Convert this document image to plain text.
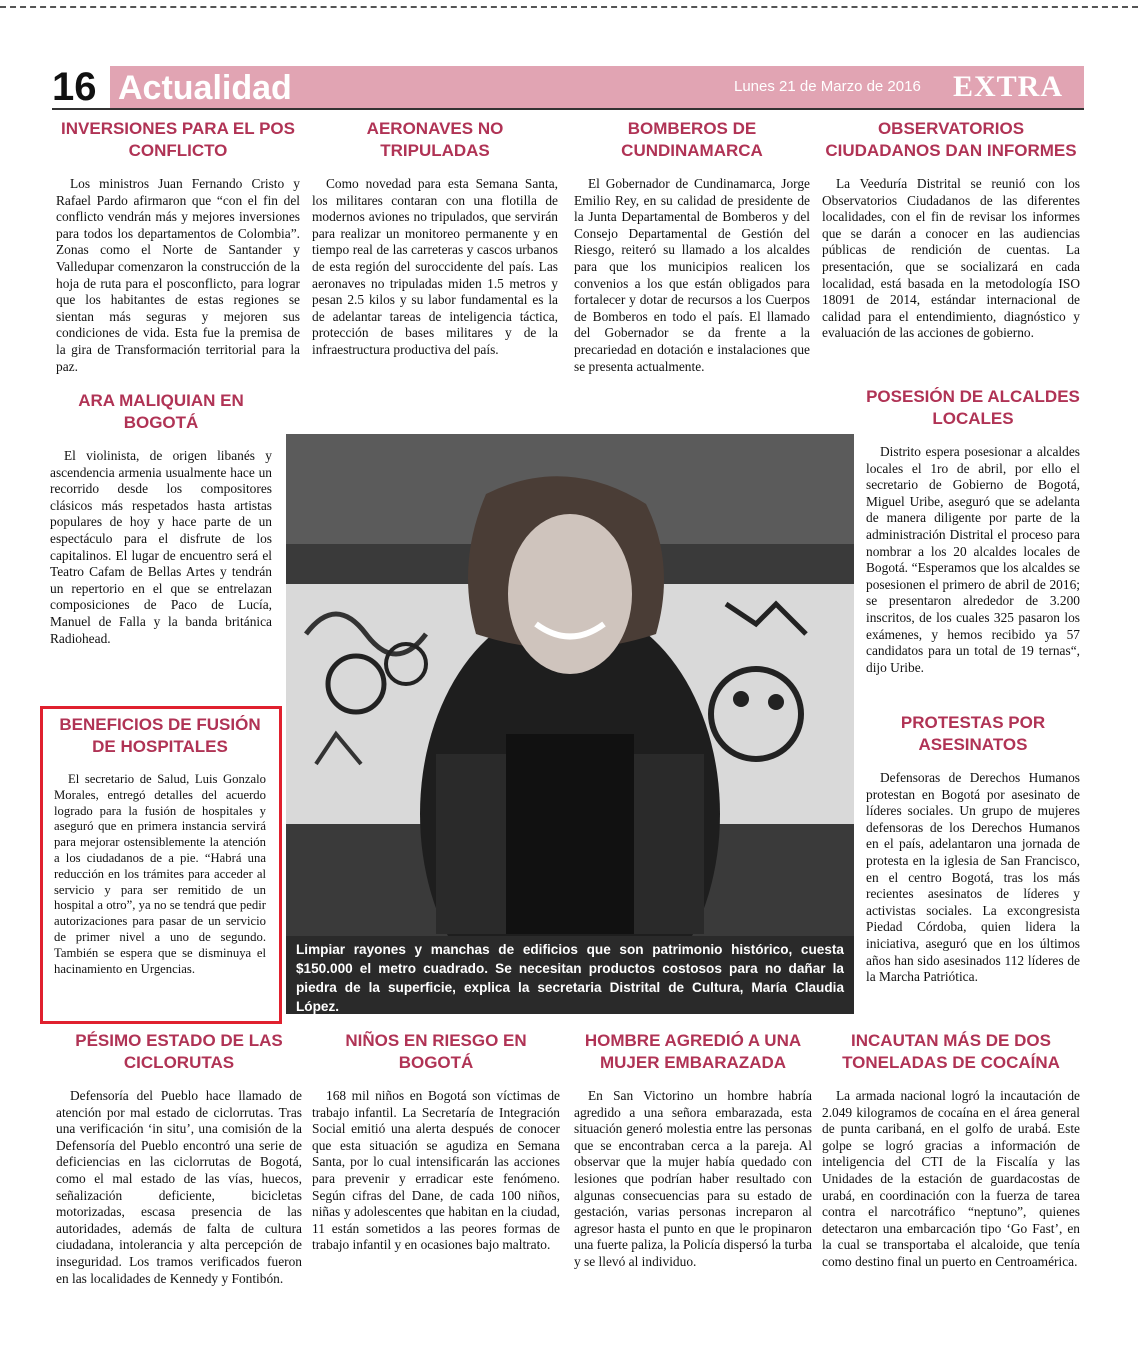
16 Actualidad	Lunes 21 de Marzo de 2016	EXTRA
INVERSIONES PARA EL POS CONFLICTO

Los ministros Juan Fernando Cristo y Rafael Pardo afirmaron que “con el fin del conflicto vendrán más y mejores inversiones para todos los departamentos de Colombia”. Zonas como el Norte de Santander y Valledupar comenzaron la construcción de la hoja de ruta para el posconflicto, para lograr que los habitantes de estas regiones se sientan más seguras y mejoren sus condiciones de vida. Esta fue la premisa de la gira de Transformación territorial para la paz.

AERONAVES NO TRIPULADAS

Como novedad para esta Semana Santa, los militares contaran con una flotilla de modernos aviones no tripulados, que servirán para realizar un monitoreo permanente y en tiempo real de las carreteras y cascos urbanos de esta región del suroccidente del país. Las aeronaves no tripuladas miden 1.5 metros y pesan 2.5 kilos y su labor fundamental es la de adelantar tareas de inteligencia táctica, protección de bases militares y de la infraestructura productiva del país.

BOMBEROS DE CUNDINAMARCA

El Gobernador de Cundinamarca, Jorge Emilio Rey, en su calidad de presidente de la Junta Departamental de Bomberos y del Consejo Departamental de Gestión del Riesgo, reiteró su llamado a los alcaldes para que los municipios realicen los convenios a los que están obligados para fortalecer y dotar de recursos a los Cuerpos de Bomberos en todo el país. El llamado del Gobernador se da frente a la precariedad en dotación e instalaciones que se presenta actualmente.

OBSERVATORIOS CIUDADANOS DAN INFORMES

La Veeduría Distrital se reunió con los Observatorios Ciudadanos de las diferentes localidades, con el fin de revisar los informes que se darán a conocer en las audiencias públicas de rendición de cuentas. La presentación, que se socializará en cada localidad, está basada en la metodología ISO 18091 de 2014, estándar internacional de calidad para el entendimiento, diagnóstico y evaluación de las acciones de gobierno.

ARA MALIQUIAN EN BOGOTÁ

El violinista, de origen libanés y ascendencia armenia usualmente hace un recorrido desde los compositores clásicos más respetados hasta artistas populares de hoy y hace parte de un espectáculo para el disfrute de los capitalinos. El lugar de encuentro será el Teatro Cafam de Bellas Artes y tendrán un repertorio en el que se entrelazan composiciones de Paco de Lucía, Manuel de Falla y la banda británica Radiohead.

POSESIÓN DE ALCALDES LOCALES

Distrito espera posesionar a alcaldes locales el 1ro de abril, por ello el secretario de Gobierno de Bogotá, Miguel Uribe, aseguró que se adelanta de manera diligente por parte de la administración Distrital el proceso para nombrar a los 20 alcaldes locales de Bogotá. “Esperamos que los alcaldes se posesionen el primero de abril de 2016; se presentaron alrededor de 3.200 inscritos, de los cuales 325 pasaron los exámenes, y hemos recibido ya 57 candidatos para un total de 19 ternas“, dijo Uribe.

BENEFICIOS DE FUSIÓN DE HOSPITALES

El secretario de Salud, Luis Gonzalo Morales, entregó detalles del acuerdo logrado para la fusión de hospitales y aseguró que en primera instancia servirá para mejorar ostensiblemente la atención a los ciudadanos de a pie. “Habrá una reducción en los trámites para acceder al servicio y para ser remitido de un hospital a otro”, ya no se tendrá que pedir autorizaciones para pasar de un servicio de primer nivel a uno de segundo. También se espera que se disminuya el hacinamiento en Urgencias.

PROTESTAS POR ASESINATOS

Defensoras de Derechos Humanos protestan en Bogotá por asesinato de líderes sociales. Un grupo de mujeres defensoras de los Derechos Humanos en el país, adelantaron una jornada de protesta en la iglesia de San Francisco, en el centro Bogotá, tras los más recientes asesinatos de líderes y activistas sociales. La excongresista Piedad Córdoba, quien lidera la iniciativa, aseguró que en los últimos años han sido asesinados 112 líderes de la Marcha Patriótica.

Limpiar rayones y manchas de edificios que son patrimonio histórico, cuesta $150.000 el metro cuadrado. Se necesitan productos costosos para no dañar la piedra de la superficie, explica la secretaria Distrital de Cultura, María Claudia López.
PÉSIMO ESTADO DE LAS CICLORUTAS

Defensoría del Pueblo hace llamado de atención por mal estado de ciclorrutas. Tras una verificación ‘in situ’, una comisión de la Defensoría del Pueblo encontró una serie de deficiencias en las ciclorrutas de Bogotá, como el mal estado de las vías, huecos, señalización deficiente, bicicletas motorizadas, escasa presencia de las autoridades, además de falta de cultura ciudadana, intolerancia y alta percepción de inseguridad. Los tramos verificados fueron en las localidades de Kennedy y Fontibón.

NIÑOS EN RIESGO EN BOGOTÁ

168 mil niños en Bogotá son víctimas de trabajo infantil. La Secretaría de Integración Social emitió una alerta después de conocer que esta situación se agudiza en Semana Santa, por lo cual intensificarán las acciones para prevenir y erradicar este fenómeno. Según cifras del Dane, de cada 100 niños, niñas y adolescentes que habitan en la ciudad, 11 están sometidos a las peores formas de trabajo infantil y en ocasiones bajo maltrato.

HOMBRE AGREDIÓ A UNA MUJER EMBARAZADA

En San Victorino un hombre habría agredido a una señora embarazada, esta situación generó molestia entre las personas que se encontraban cerca a la pareja. Al observar que la mujer había quedado con lesiones que podrían haber resultado con algunas consecuencias para su estado de gestación, varias personas increparon al agresor hasta el punto en que le propinaron una fuerte paliza, la Policía dispersó la turba y se llevó al individuo.

INCAUTAN MÁS DE DOS TONELADAS DE COCAÍNA

La armada nacional logró la incautación de 2.049 kilogramos de cocaína en el área general de punta caribaná, en el golfo de urabá. Este golpe se logró gracias a información de inteligencia del CTI de la Fiscalía y las Unidades de la estación de guardacostas de urabá, en coordinación con la fuerza de tarea contra el narcotráfico “neptuno”, quienes detectaron una embarcación tipo ‘Go Fast’, en la cual se transportaba el alcaloide, que tenía como destino final un puerto en Centroamérica.
